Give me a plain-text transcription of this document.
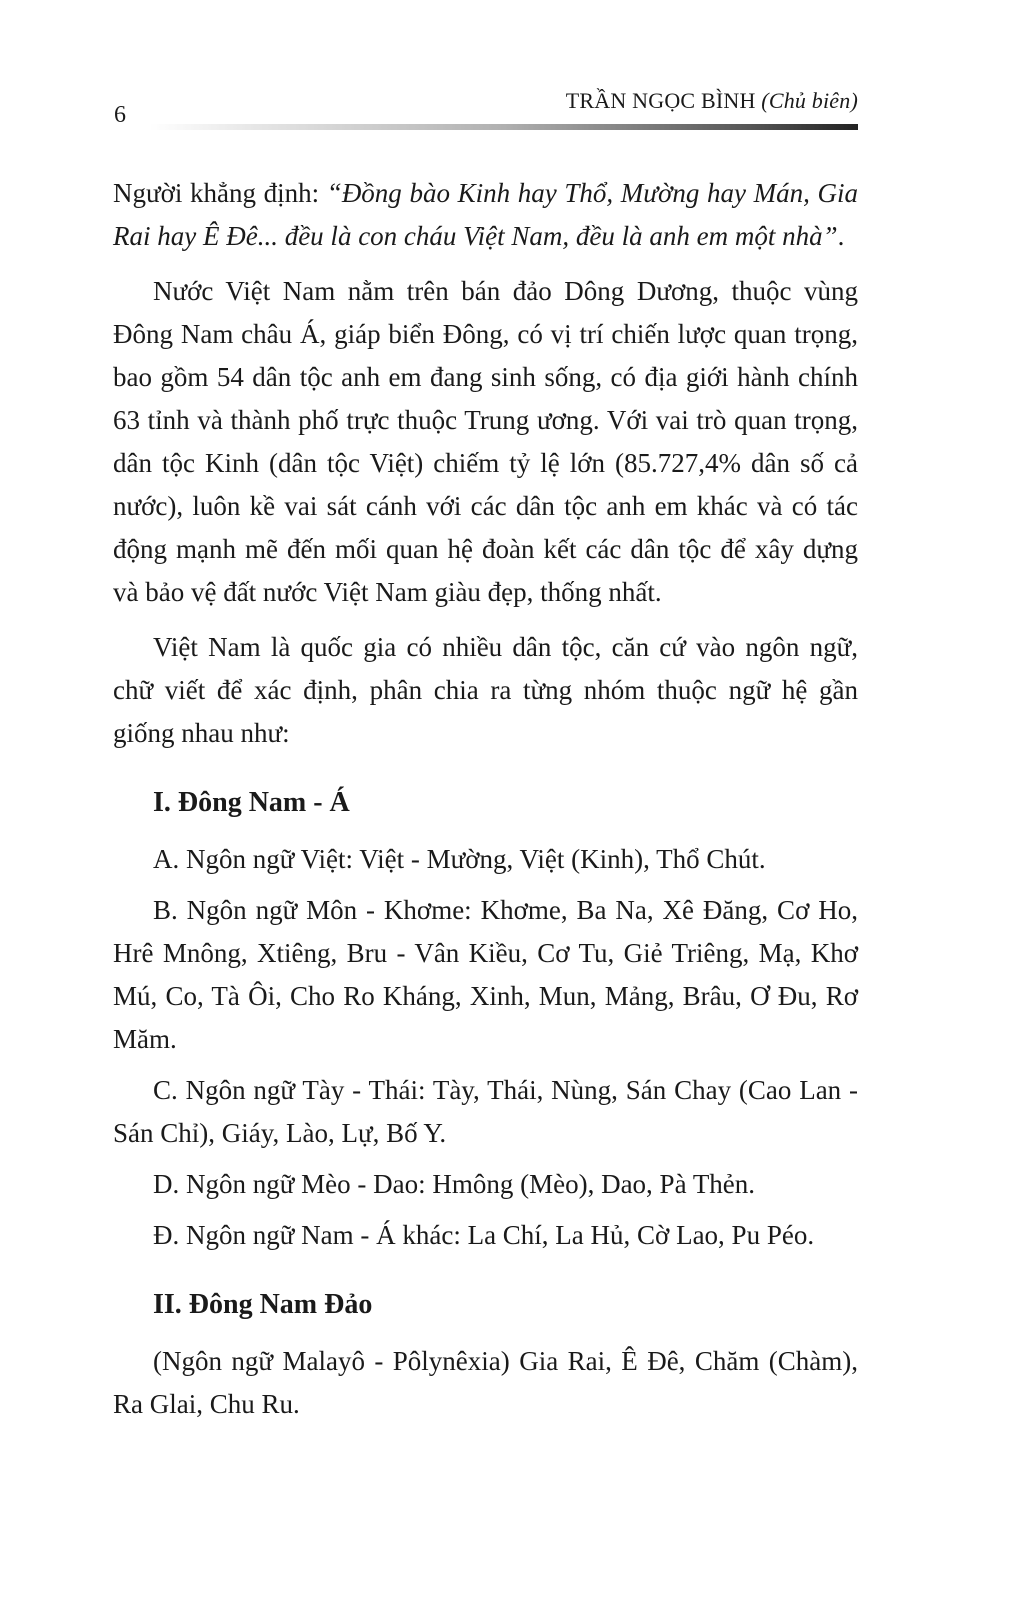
6
TRẦN NGỌC BÌNH (Chủ biên)

Người khẳng định: “Đồng bào Kinh hay Thổ, Mường hay Mán, Gia Rai hay Ê Đê... đều là con cháu Việt Nam, đều là anh em một nhà”.

Nước Việt Nam nằm trên bán đảo Dông Dương, thuộc vùng Đông Nam châu Á, giáp biển Đông, có vị trí chiến lược quan trọng, bao gồm 54 dân tộc anh em đang sinh sống, có địa giới hành chính 63 tỉnh và thành phố trực thuộc Trung ương. Với vai trò quan trọng, dân tộc Kinh (dân tộc Việt) chiếm tỷ lệ lớn (85.727,4% dân số cả nước), luôn kề vai sát cánh với các dân tộc anh em khác và có tác động mạnh mẽ đến mối quan hệ đoàn kết các dân tộc để xây dựng và bảo vệ đất nước Việt Nam giàu đẹp, thống nhất.

Việt Nam là quốc gia có nhiều dân tộc, căn cứ vào ngôn ngữ, chữ viết để xác định, phân chia ra từng nhóm thuộc ngữ hệ gần giống nhau như:

I. Đông Nam - Á

A. Ngôn ngữ Việt: Việt - Mường, Việt (Kinh), Thổ Chút.

B. Ngôn ngữ Môn - Khơme: Khơme, Ba Na, Xê Đăng, Cơ Ho, Hrê Mnông, Xtiêng, Bru - Vân Kiều, Cơ Tu, Giẻ Triêng, Mạ, Khơ Mú, Co, Tà Ôi, Cho Ro Kháng, Xinh, Mun, Mảng, Brâu, Ơ Đu, Rơ Măm.

C. Ngôn ngữ Tày - Thái: Tày, Thái, Nùng, Sán Chay (Cao Lan - Sán Chỉ), Giáy, Lào, Lự, Bố Y.

D. Ngôn ngữ Mèo - Dao: Hmông (Mèo), Dao, Pà Thẻn.

Đ. Ngôn ngữ Nam - Á khác: La Chí, La Hủ, Cờ Lao, Pu Péo.

II. Đông Nam Đảo

(Ngôn ngữ Malayô - Pôlynêxia) Gia Rai, Ê Đê, Chăm (Chàm), Ra Glai, Chu Ru.
